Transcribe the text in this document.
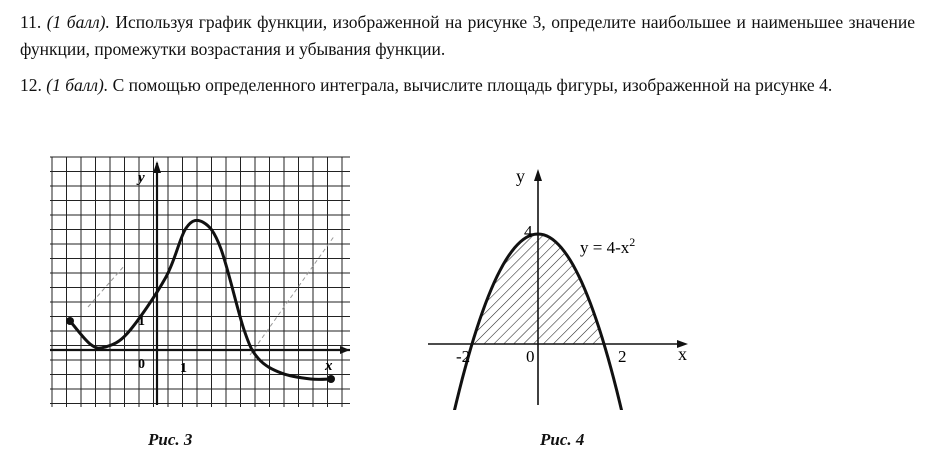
11. (1 балл). Используя график функции, изображенной на рисунке 3, определите наибольшее и наименьшее значение функции, промежутки возрастания и убывания функции.
12. (1 балл). С помощью определенного интеграла, вычислите площадь фигуры, изображенной на рисунке 4.
y
x
0	1
1
y
x
0
4
-2	2
$y = 4-x^2$
Рис. 3	Рис. 4
